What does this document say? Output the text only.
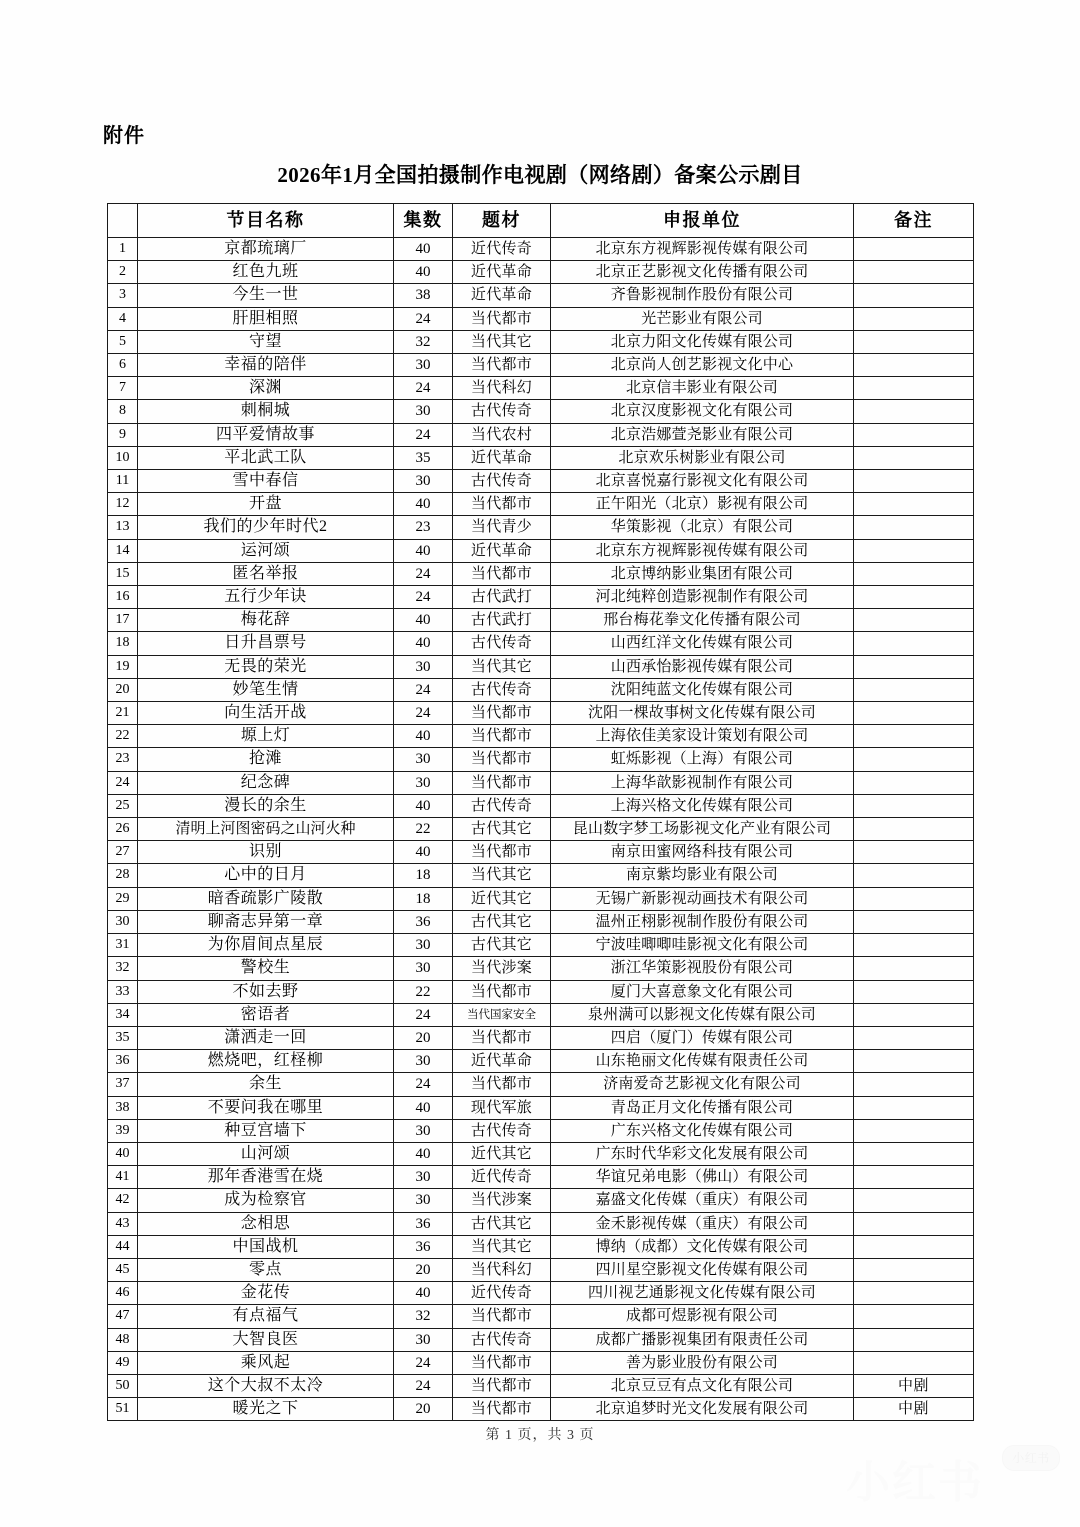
附件
2026年1月全国拍摄制作电视剧（网络剧）备案公示剧目
	节目名称	集数	题材	申报单位	备注
1	京都琉璃厂	40	近代传奇	北京东方视辉影视传媒有限公司	
2	红色九班	40	近代革命	北京正艺影视文化传播有限公司	
3	今生一世	38	近代革命	齐鲁影视制作股份有限公司	
4	肝胆相照	24	当代都市	光芒影业有限公司	
5	守望	32	当代其它	北京力阳文化传媒有限公司	
6	幸福的陪伴	30	当代都市	北京尚人创艺影视文化中心	
7	深渊	24	当代科幻	北京信丰影业有限公司	
8	刺桐城	30	古代传奇	北京汉度影视文化有限公司	
9	四平爱情故事	24	当代农村	北京浩娜萱尧影业有限公司	
10	平北武工队	35	近代革命	北京欢乐树影业有限公司	
11	雪中春信	30	古代传奇	北京喜悦嘉行影视文化有限公司	
12	开盘	40	当代都市	正午阳光（北京）影视有限公司	
13	我们的少年时代2	23	当代青少	华策影视（北京）有限公司	
14	运河颂	40	近代革命	北京东方视辉影视传媒有限公司	
15	匿名举报	24	当代都市	北京博纳影业集团有限公司	
16	五行少年诀	24	古代武打	河北纯粹创造影视制作有限公司	
17	梅花辞	40	古代武打	邢台梅花拳文化传播有限公司	
18	日升昌票号	40	古代传奇	山西红洋文化传媒有限公司	
19	无畏的荣光	30	当代其它	山西承怡影视传媒有限公司	
20	妙笔生情	24	古代传奇	沈阳纯蓝文化传媒有限公司	
21	向生活开战	24	当代都市	沈阳一棵故事树文化传媒有限公司	
22	塬上灯	40	当代都市	上海依佳美家设计策划有限公司	
23	抢滩	30	当代都市	虹烁影视（上海）有限公司	
24	纪念碑	30	当代都市	上海华歆影视制作有限公司	
25	漫长的余生	40	古代传奇	上海兴格文化传媒有限公司	
26	清明上河图密码之山河火种	22	古代其它	昆山数字梦工场影视文化产业有限公司	
27	识别	40	当代都市	南京田蜜网络科技有限公司	
28	心中的日月	18	当代其它	南京紫均影业有限公司	
29	暗香疏影广陵散	18	近代其它	无锡广新影视动画技术有限公司	
30	聊斋志异第一章	36	古代其它	温州正栩影视制作股份有限公司	
31	为你眉间点星辰	30	古代其它	宁波哇唧唧哇影视文化有限公司	
32	警校生	30	当代涉案	浙江华策影视股份有限公司	
33	不如去野	22	当代都市	厦门大喜意象文化有限公司	
34	密语者	24	当代国家安全	泉州满可以影视文化传媒有限公司	
35	潇洒走一回	20	当代都市	四启（厦门）传媒有限公司	
36	燃烧吧，红柽柳	30	近代革命	山东艳丽文化传媒有限责任公司	
37	余生	24	当代都市	济南爱奇艺影视文化有限公司	
38	不要问我在哪里	40	现代军旅	青岛正月文化传播有限公司	
39	种豆宫墙下	30	古代传奇	广东兴格文化传媒有限公司	
40	山河颂	40	近代其它	广东时代华彩文化发展有限公司	
41	那年香港雪在烧	30	近代传奇	华谊兄弟电影（佛山）有限公司	
42	成为检察官	30	当代涉案	嘉盛文化传媒（重庆）有限公司	
43	念相思	36	古代其它	金禾影视传媒（重庆）有限公司	
44	中国战机	36	当代其它	博纳（成都）文化传媒有限公司	
45	零点	20	当代科幻	四川星空影视文化传媒有限公司	
46	金花传	40	近代传奇	四川视艺通影视文化传媒有限公司	
47	有点福气	32	当代都市	成都可煜影视有限公司	
48	大智良医	30	古代传奇	成都广播影视集团有限责任公司	
49	乘风起	24	当代都市	善为影业股份有限公司	
50	这个大叔不太冷	24	当代都市	北京豆豆有点文化有限公司	中剧
51	暖光之下	20	当代都市	北京追梦时光文化发展有限公司	中剧
第 1 页，共 3 页
小红书
小红书
